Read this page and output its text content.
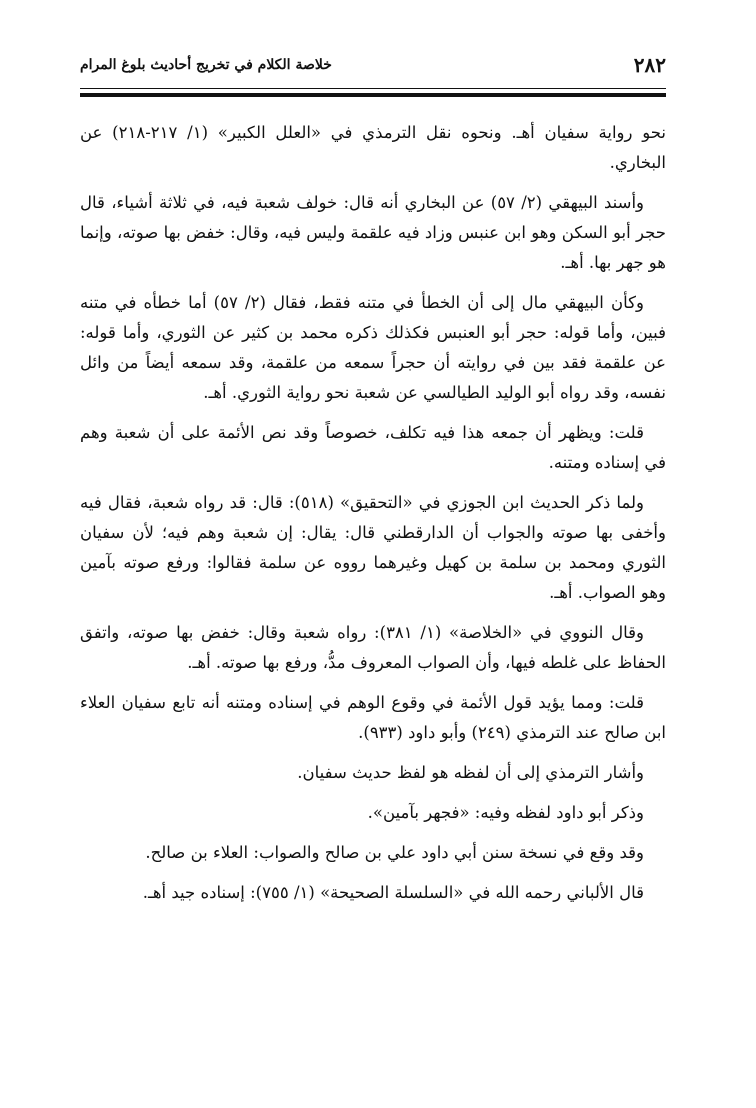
٢٨٢
خلاصة الكلام في تخريج أحاديث بلوغ المرام

نحو رواية سفيان أهـ. ونحوه نقل الترمذي في «العلل الكبير» (١/ ٢١٧-٢١٨) عن البخاري.

وأسند البيهقي (٢/ ٥٧) عن البخاري أنه قال: خولف شعبة فيه، في ثلاثة أشياء، قال حجر أبو السكن وهو ابن عنبس وزاد فيه علقمة وليس فيه، وقال: خفض بها صوته، وإنما هو جهر بها. أهـ.

وكأن البيهقي مال إلى أن الخطأ في متنه فقط، فقال (٢/ ٥٧) أما خطأه في متنه فبين، وأما قوله: حجر أبو العنبس فكذلك ذكره محمد بن كثير عن الثوري، وأما قوله: عن علقمة فقد بين في روايته أن حجراً سمعه من علقمة، وقد سمعه أيضاً من وائل نفسه، وقد رواه أبو الوليد الطيالسي عن شعبة نحو رواية الثوري. أهـ.

قلت: ويظهر أن جمعه هذا فيه تكلف، خصوصاً وقد نص الأئمة على أن شعبة وهم في إسناده ومتنه.

ولما ذكر الحديث ابن الجوزي في «التحقيق» (٥١٨): قال: قد رواه شعبة، فقال فيه وأخفى بها صوته والجواب أن الدارقطني قال: يقال: إن شعبة وهم فيه؛ لأن سفيان الثوري ومحمد بن سلمة بن كهيل وغيرهما رووه عن سلمة فقالوا: ورفع صوته بآمين وهو الصواب. أهـ.

وقال النووي في «الخلاصة» (١/ ٣٨١): رواه شعبة وقال: خفض بها صوته، واتفق الحفاظ على غلطه فيها، وأن الصواب المعروف مدُّ، ورفع بها صوته. أهـ.

قلت: ومما يؤيد قول الأئمة في وقوع الوهم في إسناده ومتنه أنه تابع سفيان العلاء ابن صالح عند الترمذي (٢٤٩) وأبو داود (٩٣٣).

وأشار الترمذي إلى أن لفظه هو لفظ حديث سفيان.

وذكر أبو داود لفظه وفيه: «فجهر بآمين».

وقد وقع في نسخة سنن أبي داود علي بن صالح والصواب: العلاء بن صالح.

قال الألباني رحمه الله في «السلسلة الصحيحة» (١/ ٧٥٥): إسناده جيد أهـ.
